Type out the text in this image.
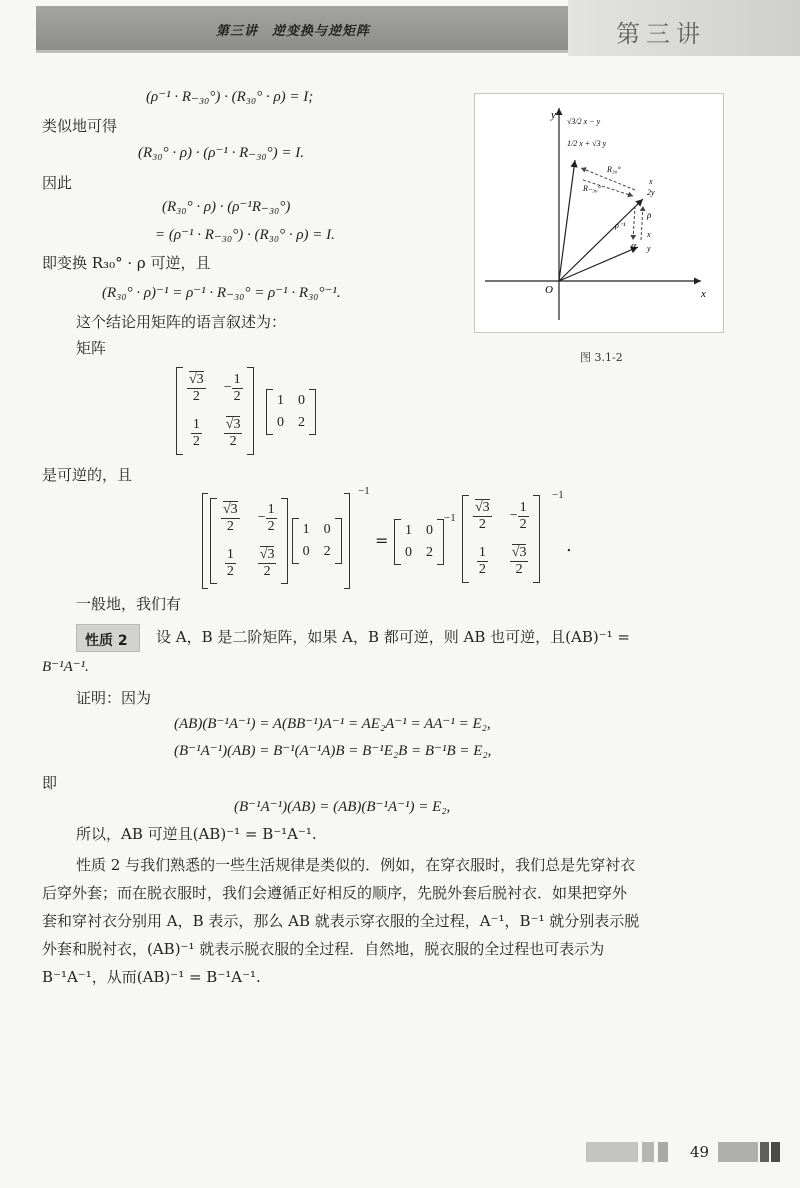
第三讲　逆变换与逆矩阵	第三讲
(ρ⁻¹ · R₋₃₀°) · (R₃₀° · ρ) = I;
类似地可得
(R₃₀° · ρ) · (ρ⁻¹ · R₋₃₀°) = I.
因此
(R₃₀° · ρ) · (ρ⁻¹R₋₃₀°)
= (ρ⁻¹ · R₋₃₀°) · (R₃₀° · ρ) = I.
即变换 R₃₀° · ρ 可逆，且
(R₃₀° · ρ)⁻¹ = ρ⁻¹ · R₋₃₀° = ρ⁻¹ · R₃₀°⁻¹.
这个结论用矩阵的语言叙述为：
矩阵
$\frac{√3}{2} - \frac{1}{2}$
$\frac{1}{2} \frac{√3}{2}$
1 0
0 2
是可逆的，且
$\frac{√3}{2} - \frac{1}{2}$
$\frac{1}{2} \frac{√3}{2}$
1 0
0 2
−1
=
1 0
0 2
$-1 \frac{√3}{2} - \frac{1}{2}$
$\frac{1}{2} \frac{√3}{2}$
−1
.
一般地，我们有
性质 2 设 A，B 是二阶矩阵，如果 A，B 都可逆，则 AB 也可逆，且(AB)⁻¹ =
B⁻¹A⁻¹.
证明：因为
(AB)(B⁻¹A⁻¹) = A(BB⁻¹)A⁻¹ = AE₂A⁻¹ = AA⁻¹ = E₂,
(B⁻¹A⁻¹)(AB) = B⁻¹(A⁻¹A)B = B⁻¹E₂B = B⁻¹B = E₂,
即
(B⁻¹A⁻¹)(AB) = (AB)(B⁻¹A⁻¹) = E₂,
所以，AB 可逆且(AB)⁻¹ = B⁻¹A⁻¹.
性质 2 与我们熟悉的一些生活规律是类似的．例如，在穿衣服时，我们总是先穿衬衣
后穿外套；而在脱衣服时，我们会遵循正好相反的顺序，先脱外套后脱衬衣．如果把穿外
套和穿衬衣分别用 A，B 表示，那么 AB 就表示穿衣服的全过程，A⁻¹，B⁻¹ 就分别表示脱
外套和脱衬衣，(AB)⁻¹ 就表示脱衣服的全过程．自然地，脱衣服的全过程也可表示为
B⁻¹A⁻¹，从而(AB)⁻¹ = B⁻¹A⁻¹.
x
y
O
√3/2 x − y
1/2 x + √3 y
R₃₀°
R₋₃₀°
x
2y
ρ
ρ⁻¹
α
x
y
图 3.1-2
49
